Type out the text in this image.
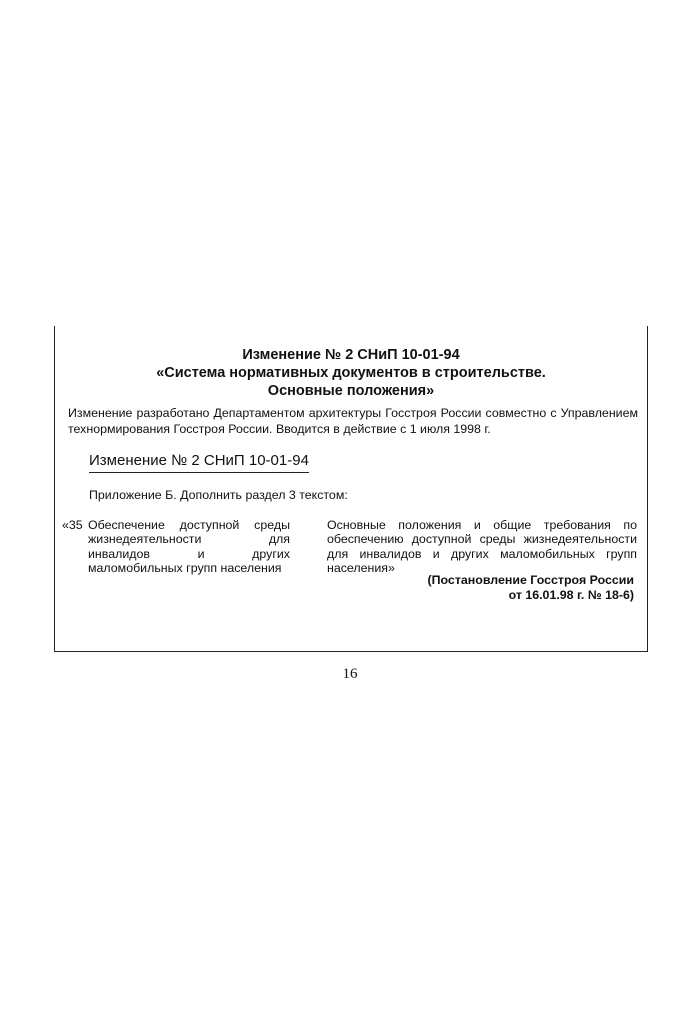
Изменение № 2 СНиП 10-01-94
«Система нормативных документов в строительстве.
Основные положения»
Изменение разработано Департаментом архитектуры Госстроя России совместно с Управлением технормирования Госстроя России. Вводится в действие с 1 июля 1998 г.
Изменение № 2 СНиП 10-01-94
Приложение Б. Дополнить раздел 3 текстом:
«35 Обеспечение доступной среды жизнедеятельности для инвалидов и других маломобильных групп населения
Основные положения и общие требования по обеспечению доступной среды жизнедеятельности для инвалидов и других маломобильных групп населения»
(Постановление Госстроя России
от 16.01.98 г. № 18-6)
16
